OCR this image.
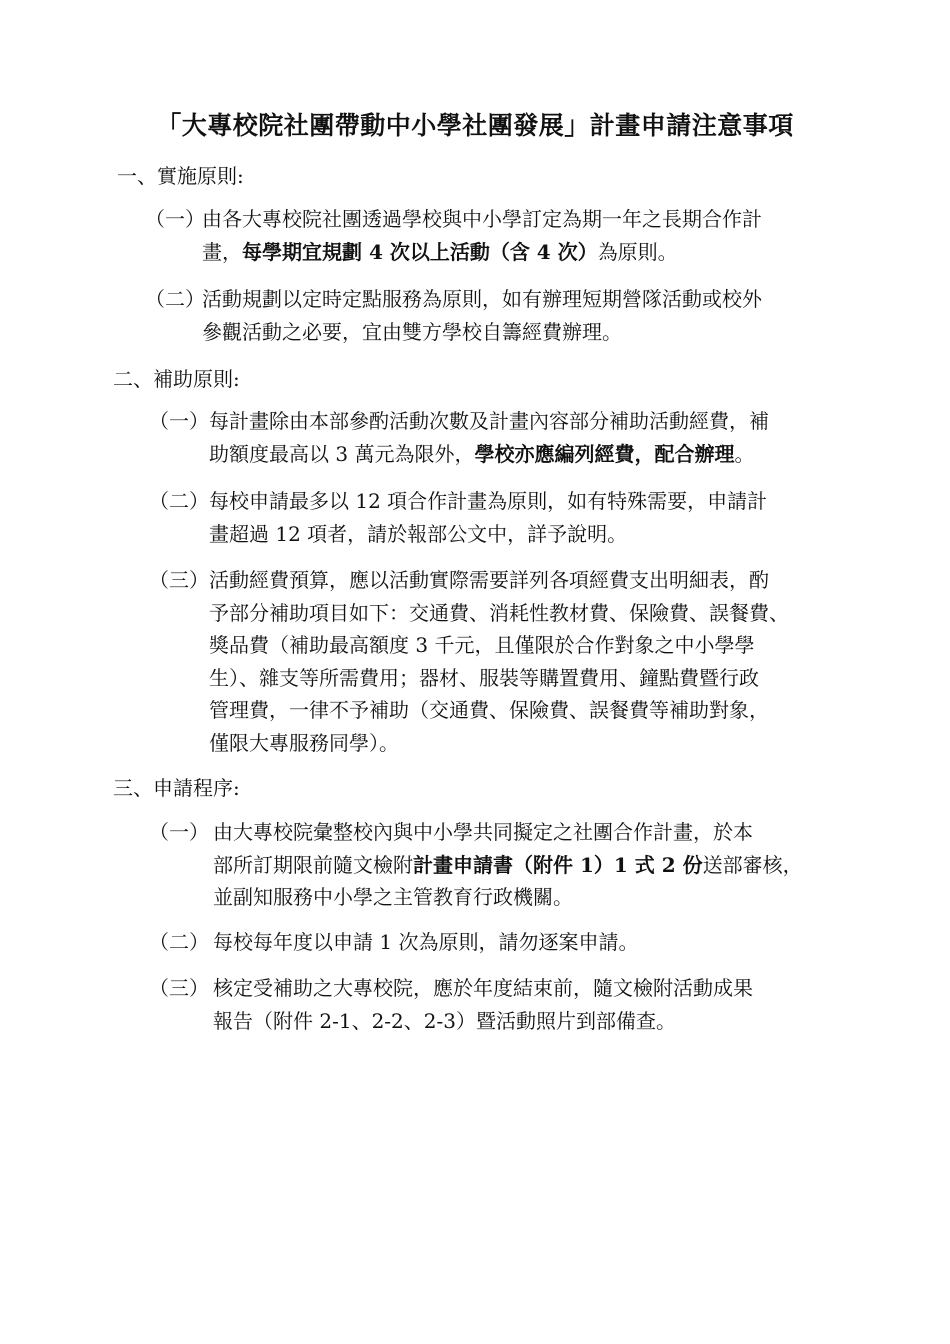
「大專校院社團帶動中小學社團發展」計畫申請注意事項
一、實施原則:
（一）
由各大專校院社團透過學校與中小學訂定為期一年之長期合作計
畫，每學期宜規劃 4 次以上活動（含 4 次）為原則。
（二）
活動規劃以定時定點服務為原則，如有辦理短期營隊活動或校外
參觀活動之必要，宜由雙方學校自籌經費辦理。
二、補助原則:
（一） 每計畫除由本部參酌活動次數及計畫內容部分補助活動經費，補
助額度最高以 3 萬元為限外，學校亦應編列經費，配合辦理。
（二） 每校申請最多以 12 項合作計畫為原則，如有特殊需要，申請計
畫超過 12 項者，請於報部公文中，詳予說明。
（三） 活動經費預算，應以活動實際需要詳列各項經費支出明細表，酌
予部分補助項目如下：交通費、消耗性教材費、保險費、誤餐費、
獎品費（補助最高額度 3 千元，且僅限於合作對象之中小學學
生）、雜支等所需費用；器材、服裝等購置費用、鐘點費暨行政
管理費，一律不予補助（交通費、保險費、誤餐費等補助對象，
僅限大專服務同學）。
三、申請程序:
（一） 由大專校院彙整校內與中小學共同擬定之社團合作計畫，於本
部所訂期限前隨文檢附計畫申請書（附件 1）1 式 2 份送部審核，
並副知服務中小學之主管教育行政機關。
（二） 每校每年度以申請 1 次為原則，請勿逐案申請。
（三） 核定受補助之大專校院，應於年度結束前，隨文檢附活動成果
報告（附件 2-1、2-2、2-3）暨活動照片到部備查。
